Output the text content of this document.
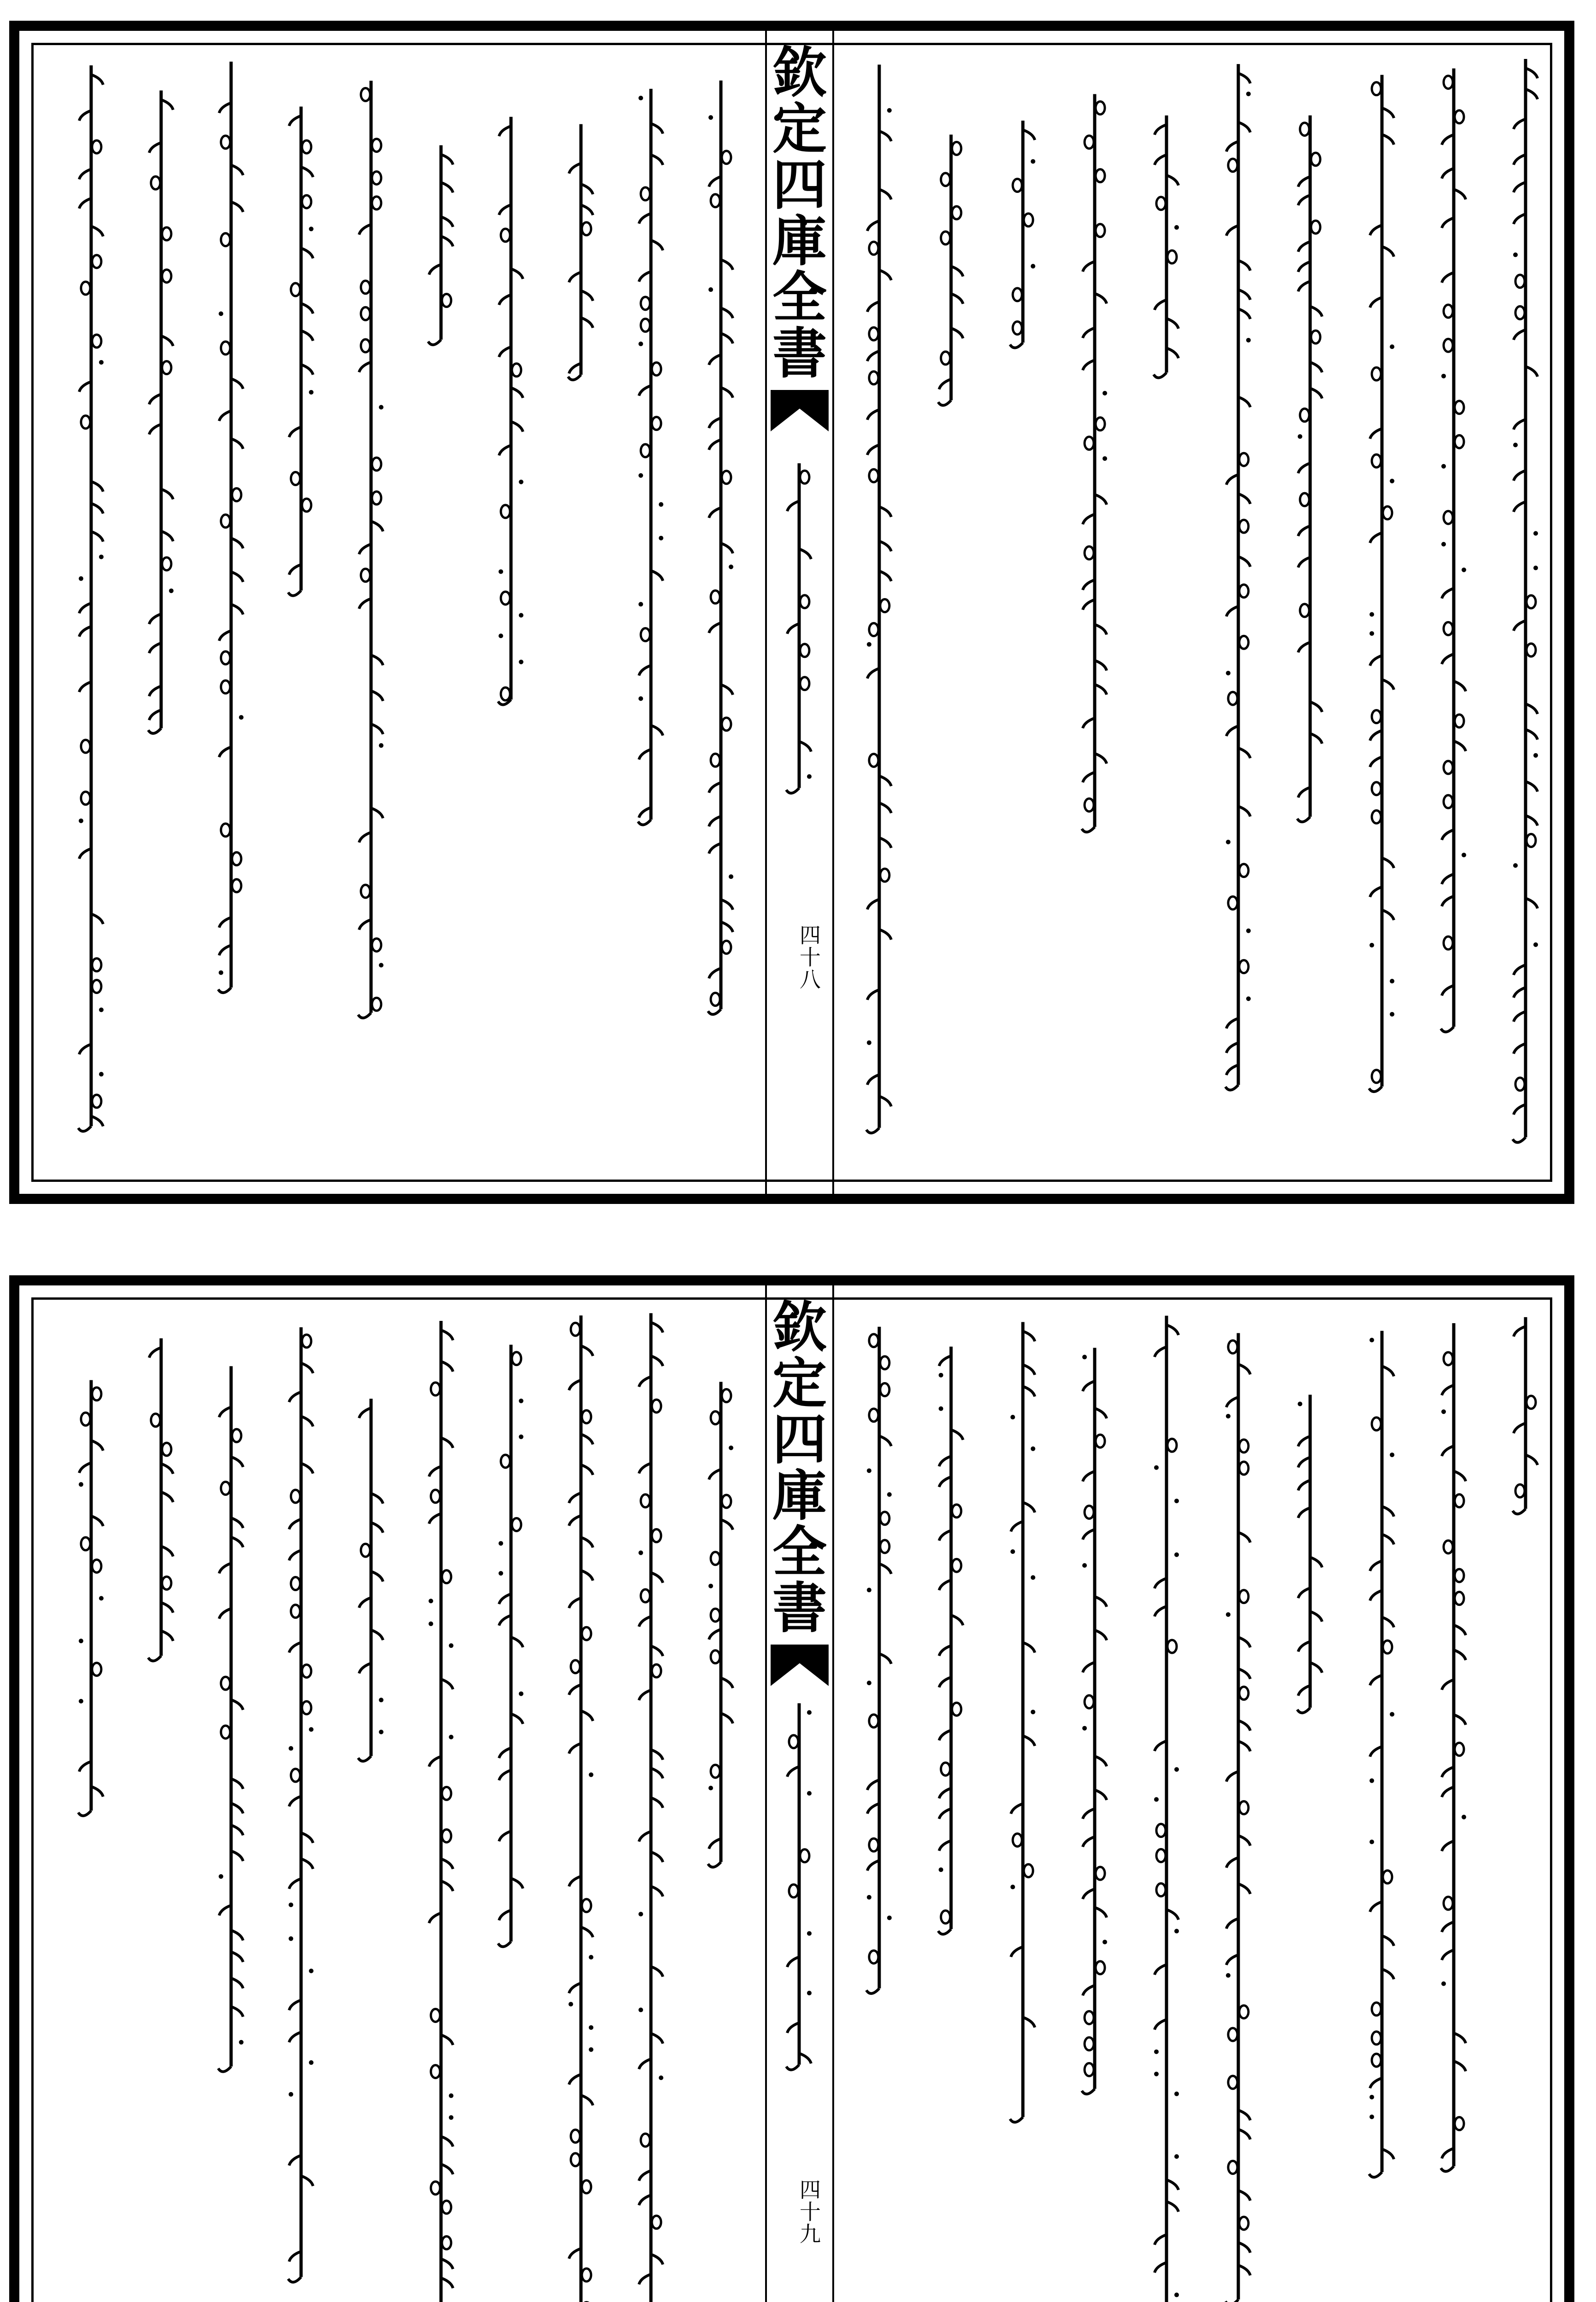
欽
定
四
庫
全
書
四十八
欽
定
四
庫
全
書
四十九
